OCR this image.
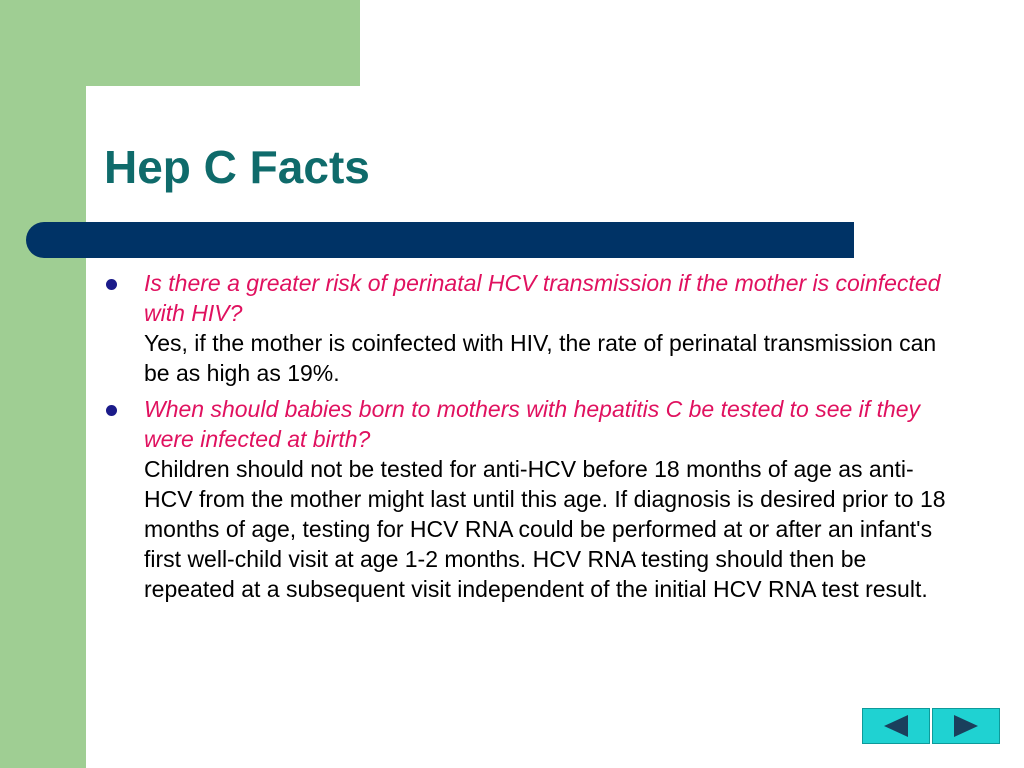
Hep C Facts
Is there a greater risk of perinatal HCV transmission if the mother is coinfected with HIV?
Yes, if the mother is coinfected with HIV, the rate of perinatal transmission can be as high as 19%.
When should babies born to mothers with hepatitis C be tested to see if they were infected at birth?
Children should not be tested for anti-HCV before 18 months of age as anti-HCV from the mother might last until this age. If diagnosis is desired prior to 18 months of age, testing for HCV RNA could be performed at or after an infant's first well-child visit at age 1-2 months. HCV RNA testing should then be repeated at a subsequent visit independent of the initial HCV RNA test result.
